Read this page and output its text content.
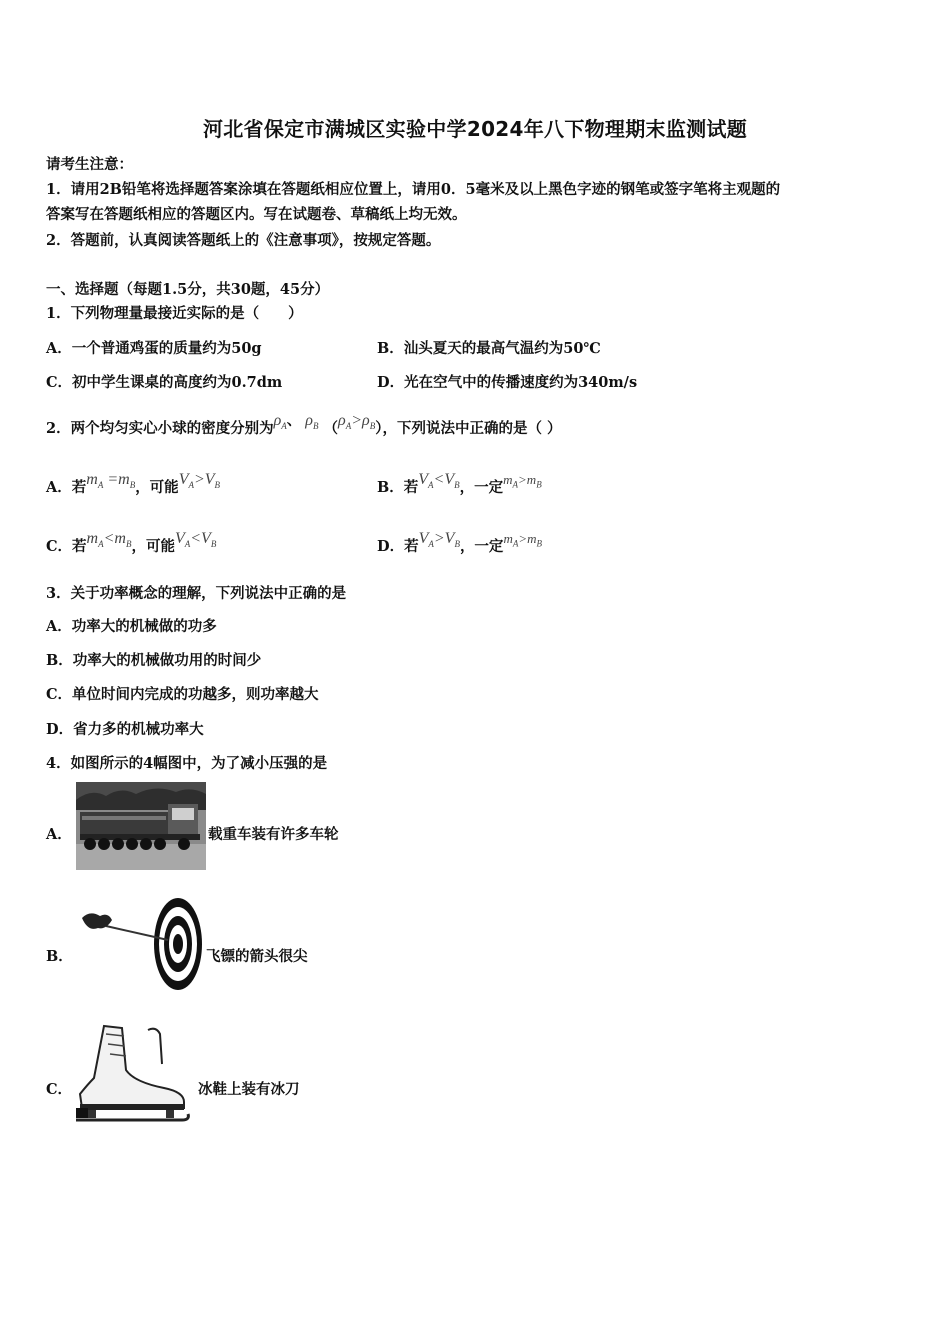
河北省保定市满城区实验中学2024年八下物理期末监测试题
请考生注意：
1．请用2B铅笔将选择题答案涂填在答题纸相应位置上，请用0．5毫米及以上黑色字迹的钢笔或签字笔将主观题的
答案写在答题纸相应的答题区内。写在试题卷、草稿纸上均无效。
2．答题前，认真阅读答题纸上的《注意事项》，按规定答题。
一、选择题（每题1.5分，共30题，45分）
1．下列物理量最接近实际的是（　　）
A．一个普通鸡蛋的质量约为50g	B．汕头夏天的最高气温约为50℃
C．初中学生课桌的高度约为0.7dm	D．光在空气中的传播速度约为340m/s
2．两个均匀实心小球的密度分别为$\rho_A$、 $\rho_B$ $(\rho_A>\rho_B)$，下列说法中正确的是（ ）
A．若$m_A =m_B$，可能$V_A>V_B$	B．若$V_A<V_B$，一定$m_A>m_B$
C．若$m_A<m_B$，可能$V_A<V_B$	D．若$V_A>V_B$，一定$m_A>m_B$
3．关于功率概念的理解，下列说法中正确的是
A．功率大的机械做的功多
B．功率大的机械做功用的时间少
C．单位时间内完成的功越多，则功率越大
D．省力多的机械功率大
4．如图所示的4幅图中，为了减小压强的是
A．	载重车装有许多车轮
B．	飞镖的箭头很尖
C．	冰鞋上装有冰刀
